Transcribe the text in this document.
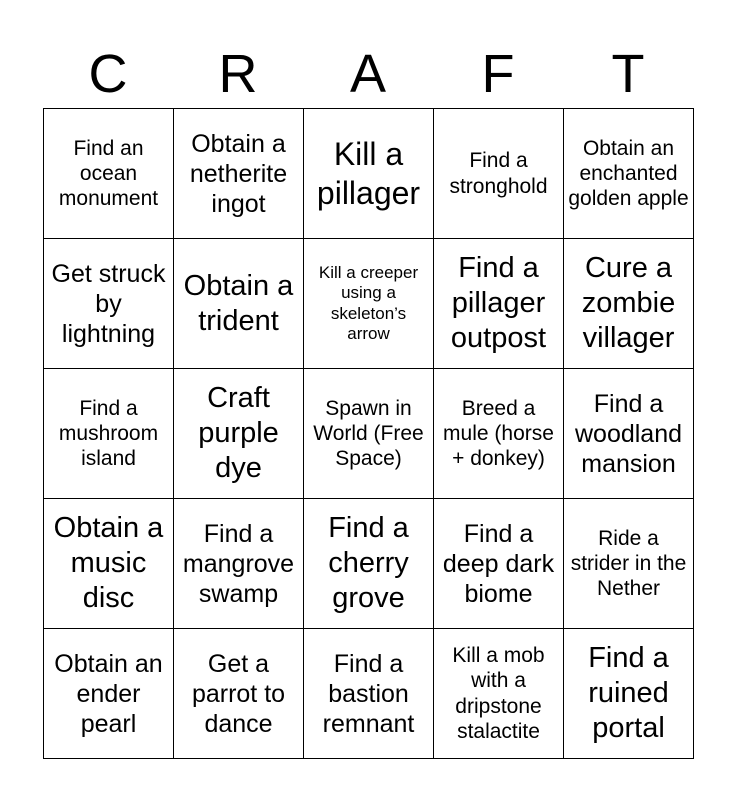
C	R	A	F	T
Find an ocean monument	Obtain a netherite ingot	Kill a pillager	Find a stronghold	Obtain an enchanted golden apple
Get struck by lightning	Obtain a trident	Kill a creeper using a skeleton’s arrow	Find a pillager outpost	Cure a zombie villager
Find a mushroom island	Craft purple dye	Spawn in World (Free Space)	Breed a mule (horse + donkey)	Find a woodland mansion
Obtain a music disc	Find a mangrove swamp	Find a cherry grove	Find a deep dark biome	Ride a strider in the Nether
Obtain an ender pearl	Get a parrot to dance	Find a bastion remnant	Kill a mob with a dripstone stalactite	Find a ruined portal
